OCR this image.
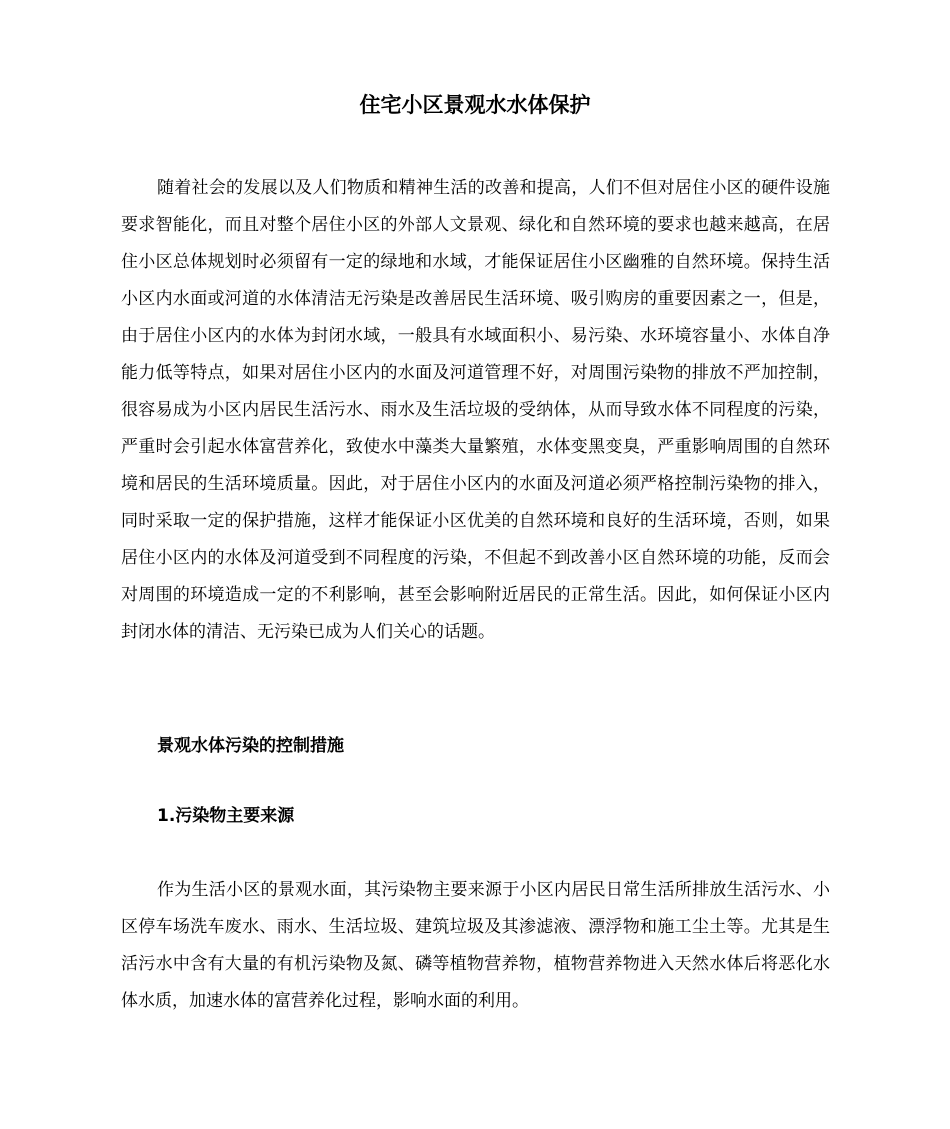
住宅小区景观水水体保护

随着社会的发展以及人们物质和精神生活的改善和提高，人们不但对居住小区的硬件设施要求智能化，而且对整个居住小区的外部人文景观、绿化和自然环境的要求也越来越高，在居住小区总体规划时必须留有一定的绿地和水域，才能保证居住小区幽雅的自然环境。保持生活小区内水面或河道的水体清洁无污染是改善居民生活环境、吸引购房的重要因素之一，但是，由于居住小区内的水体为封闭水域，一般具有水域面积小、易污染、水环境容量小、水体自净能力低等特点，如果对居住小区内的水面及河道管理不好，对周围污染物的排放不严加控制，很容易成为小区内居民生活污水、雨水及生活垃圾的受纳体，从而导致水体不同程度的污染，严重时会引起水体富营养化，致使水中藻类大量繁殖，水体变黑变臭，严重影响周围的自然环境和居民的生活环境质量。因此，对于居住小区内的水面及河道必须严格控制污染物的排入，同时采取一定的保护措施，这样才能保证小区优美的自然环境和良好的生活环境，否则，如果居住小区内的水体及河道受到不同程度的污染，不但起不到改善小区自然环境的功能，反而会对周围的环境造成一定的不利影响，甚至会影响附近居民的正常生活。因此，如何保证小区内封闭水体的清洁、无污染已成为人们关心的话题。

景观水体污染的控制措施

1.污染物主要来源

作为生活小区的景观水面，其污染物主要来源于小区内居民日常生活所排放生活污水、小区停车场洗车废水、雨水、生活垃圾、建筑垃圾及其渗滤液、漂浮物和施工尘土等。尤其是生活污水中含有大量的有机污染物及氮、磷等植物营养物，植物营养物进入天然水体后将恶化水体水质，加速水体的富营养化过程，影响水面的利用。
